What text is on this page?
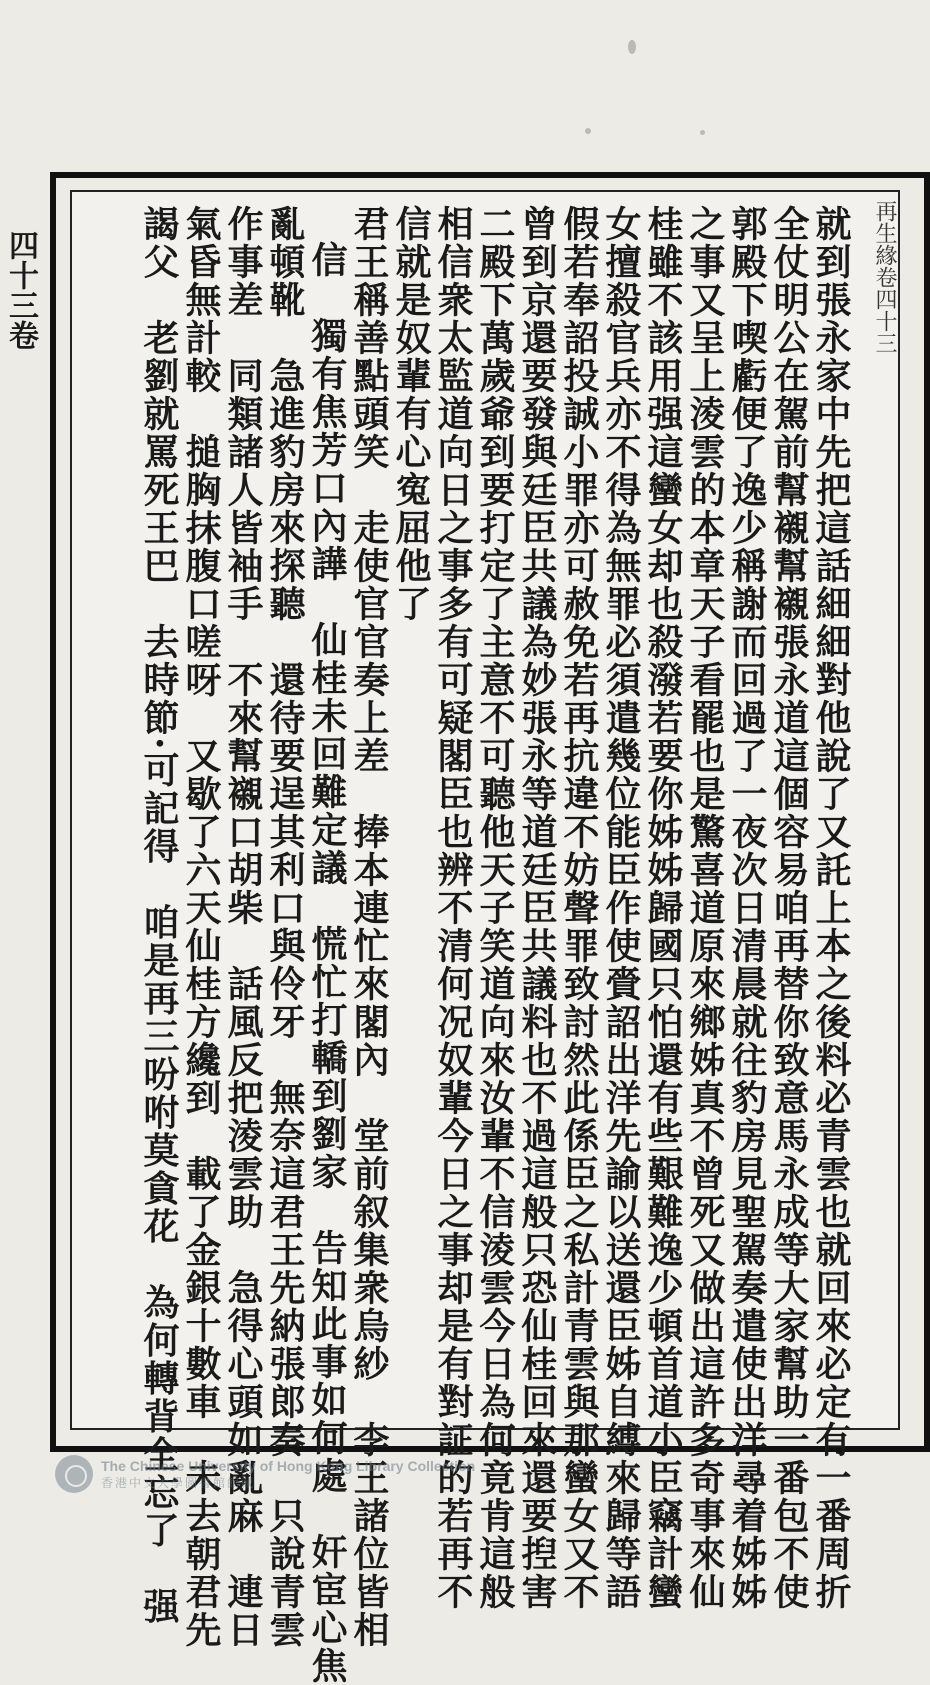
四十三卷	再生緣卷四十三
就到張永家中先把這話細細對他說了又託上本之後料必青雲也就回來必定有一番周折
全仗明公在駕前幫襯幫襯張永道這個容易咱再替你致意馬永成等大家幫助一番包不使
郭殿下喫虧便了逸少稱謝而回過了一夜次日清晨就往豹房見聖駕奏遣使出洋尋着姊姊
之事又呈上淩雲的本章天子看罷也是驚喜道原來鄉姊真不曾死又做出這許多奇事來仙
桂雖不該用强這蠻女却也殺潑若要你姊姊歸國只怕還有些艱難逸少頓首道小臣竊計蠻
女擅殺官兵亦不得為無罪必須遣幾位能臣作使賫詔出洋先諭以送還臣姊自縛來歸等語
假若奉詔投誠小罪亦可赦免若再抗違不妨聲罪致討然此係臣之私計青雲與那蠻女又不
曾到京還要發與廷臣共議為妙張永等道廷臣共議料也不過這般只恐仙桂回來還要揑害
二殿下萬歲爺到要打定了主意不可聽他天子笑道向來汝輩不信淩雲今日為何竟肯這般
相信衆太監道向日之事多有可疑閣臣也辨不清何况奴輩今日之事却是有對証的若再不
信就是奴輩有心寃屈他了
君王稱善點頭笑　走使官官奏上差　捧本連忙來閣內　堂前叙集衆烏紗　李王諸位皆相
信　獨有焦芳口內譁　仙桂未回難定議　慌忙打轎到劉家　告知此事如何處　奸宦心焦
亂頓靴　急進豹房來探聽　還待要逞其利口與伶牙　無奈這君王先納張郎奏　只說青雲
作事差　同類諸人皆袖手　不來幫襯口胡柴　話風反把淩雲助　急得心頭如亂麻　連日
氣昏無計較　搥胸抹腹口嗟呀　又歇了六天仙桂方纔到　載了金銀十數車　未去朝君先
謁父　老劉就罵死王巴　去時節·可記得　咱是再三吩咐莫貪花　為何轉背全忘了　强
The Chinese University of Hong Kong Library Collection
香港中文大學圖書館館藏
